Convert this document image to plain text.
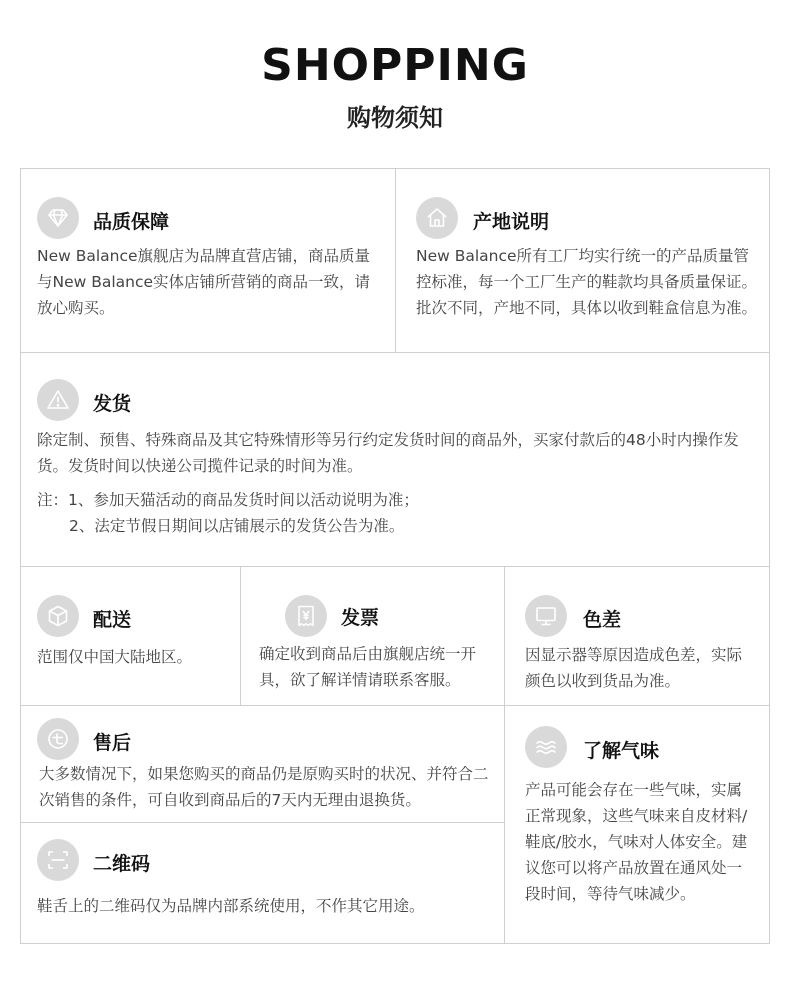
SHOPPING
购物须知
品质保障
New Balance旗舰店为品牌直营店铺，商品质量与New Balance实体店铺所营销的商品一致，请放心购买。
产地说明
New Balance所有工厂均实行统一的产品质量管控标准，每一个工厂生产的鞋款均具备质量保证。批次不同，产地不同，具体以收到鞋盒信息为准。
发货
除定制、预售、特殊商品及其它特殊情形等另行约定发货时间的商品外，买家付款后的48小时内操作发货。发货时间以快递公司揽件记录的时间为准。
注：1、参加天猫活动的商品发货时间以活动说明为准；
2、法定节假日期间以店铺展示的发货公告为准。
配送
范围仅中国大陆地区。
发票
确定收到商品后由旗舰店统一开具，欲了解详情请联系客服。
色差
因显示器等原因造成色差，实际颜色以收到货品为准。
售后
大多数情况下，如果您购买的商品仍是原购买时的状况、并符合二次销售的条件，可自收到商品后的7天内无理由退换货。
二维码
鞋舌上的二维码仅为品牌内部系统使用，不作其它用途。
了解气味
产品可能会存在一些气味，实属正常现象，这些气味来自皮材料/鞋底/胶水，气味对人体安全。建议您可以将产品放置在通风处一段时间，等待气味减少。
